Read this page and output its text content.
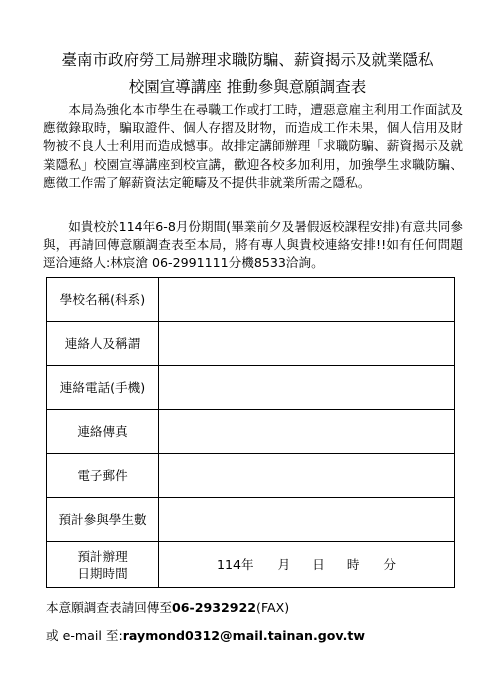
臺南市政府勞工局辦理求職防騙、薪資揭示及就業隱私
校園宣導講座 推動參與意願調查表

  本局為強化本市學生在尋職工作或打工時，遭惡意雇主利用工作面試及應徵錄取時，騙取證件、個人存摺及財物，而造成工作未果，個人信用及財物被不良人士利用而造成憾事。故排定講師辦理「求職防騙、薪資揭示及就業隱私」校園宣導講座到校宣講，歡迎各校多加利用，加強學生求職防騙、應徵工作需了解薪資法定範疇及不提供非就業所需之隱私。

  如貴校於114年6-8月份期間(畢業前夕及暑假返校課程安排)有意共同參與，再請回傳意願調查表至本局，將有專人與貴校連絡安排!!如有任何問題逕洽連絡人:林宸滄 06-2991111分機8533洽詢。

學校名稱(科系)	
連絡人及稱謂	
連絡電話(手機)	
連絡傳真	
電子郵件	
預計參與學生數	

預計辦理
日期時間	114年 月 日 時 分

本意願調查表請回傳至06-2932922(FAX)

或 e-mail 至:raymond0312@mail.tainan.gov.tw
